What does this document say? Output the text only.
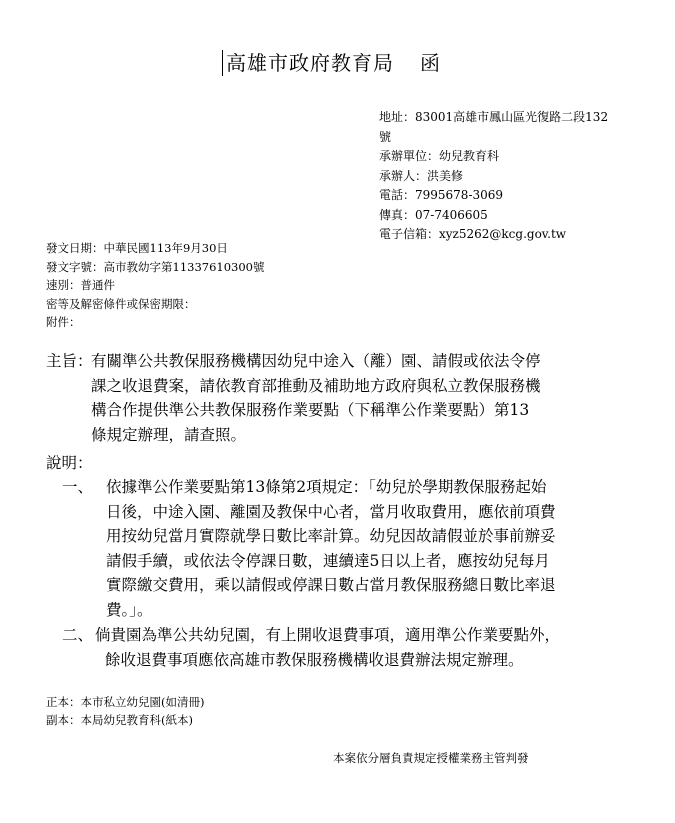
高雄市政府教育局 函
地址：83001高雄市鳳山區光復路二段132
號
承辦單位：幼兒教育科
承辦人：洪美修
電話：7995678-3069
傳真：07-7406605
電子信箱：xyz5262@kcg.gov.tw
發文日期：中華民國113年9月30日
發文字號：高市教幼字第11337610300號
速別：普通件
密等及解密條件或保密期限：
附件：
主旨：
有關準公共教保服務機構因幼兒中途入（離）園、請假或依法令停
課之收退費案，請依教育部推動及補助地方政府與私立教保服務機
構合作提供準公共教保服務作業要點（下稱準公作業要點）第13
條規定辦理，請查照。
說明：
一、 依據準公作業要點第13條第2項規定：「幼兒於學期教保服務起始
日後，中途入園、離園及教保中心者，當月收取費用，應依前項費
用按幼兒當月實際就學日數比率計算。幼兒因故請假並於事前辦妥
請假手續，或依法令停課日數，連續達5日以上者，應按幼兒每月
實際繳交費用，乘以請假或停課日數占當月教保服務總日數比率退
費。」。
二、 倘貴園為準公共幼兒園，有上開收退費事項，適用準公作業要點外，
餘收退費事項應依高雄市教保服務機構收退費辦法規定辦理。
正本：本市私立幼兒園(如清冊)
副本：本局幼兒教育科(紙本)
本案依分層負責規定授權業務主管判發
